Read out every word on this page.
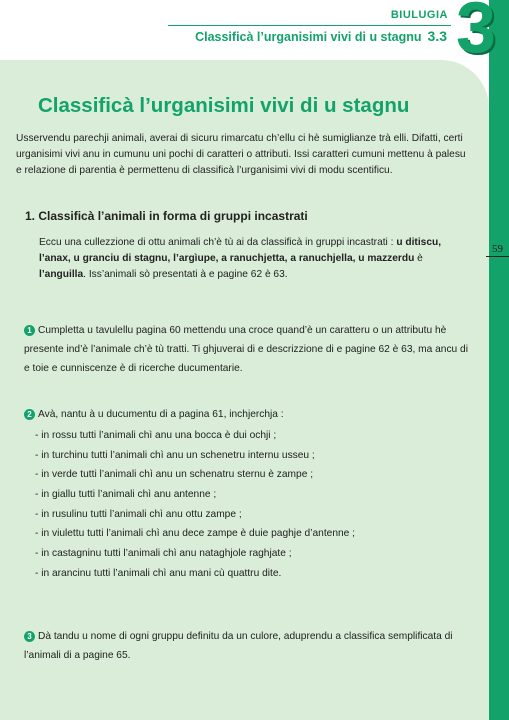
BIULUGIA
Classificà l’urganisimi vivi di u stagnu 3.3 3
59
Classificà l’urganisimi vivi di u stagnu
Usservendu parechji animali, averai di sicuru rimarcatu ch’ellu ci hè sumiglianze trà elli. Difatti, certi urganisimi vivi anu in cumunu uni pochi di caratteri o attributi. Issi caratteri cumuni mettenu à palesu e relazione di parentia è permettenu di classificà l’urganisimi vivi di modu scentificu.
1. Classificà l’animali in forma di gruppi incastrati
Eccu una cullezzione di ottu animali ch’è tù ai da classificà in gruppi incastrati : u ditiscu, l’anax, u granciu di stagnu, l’argìupe, a ranuchjetta, a ranuchjella, u mazzerdu è l’anguilla. Iss’animali sò presentati à e pagine 62 è 63.
1 Cumpletta u tavulellu pagina 60 mettendu una croce quand’è un caratteru o un attributu hè presente ind’è l’animale ch’è tù tratti. Ti ghjuverai di e descrizzione di e pagine 62 è 63, ma ancu di e toie e cunniscenze è di ricerche ducumentarie.
2 Avà, nantu à u ducumentu di a pagina 61, inchjerchja :
- in rossu tutti l’animali chì anu una bocca è dui ochji ;
- in turchinu tutti l’animali chì anu un schenetru internu usseu ;
- in verde tutti l’animali chì anu un schenatru sternu è zampe ;
- in giallu tutti l’animali chì anu antenne ;
- in rusulinu tutti l’animali chì anu ottu zampe ;
- in viulettu tutti l’animali chì anu dece zampe è duie paghje d’antenne ;
- in castagninu tutti l’animali chì anu nataghjole raghjate ;
- in arancinu tutti l’animali chì anu mani cù quattru dite.
3 Dà tandu u nome di ogni gruppu definitu da un culore, aduprendu a classifica semplificata di l’animali di a pagine 65.
